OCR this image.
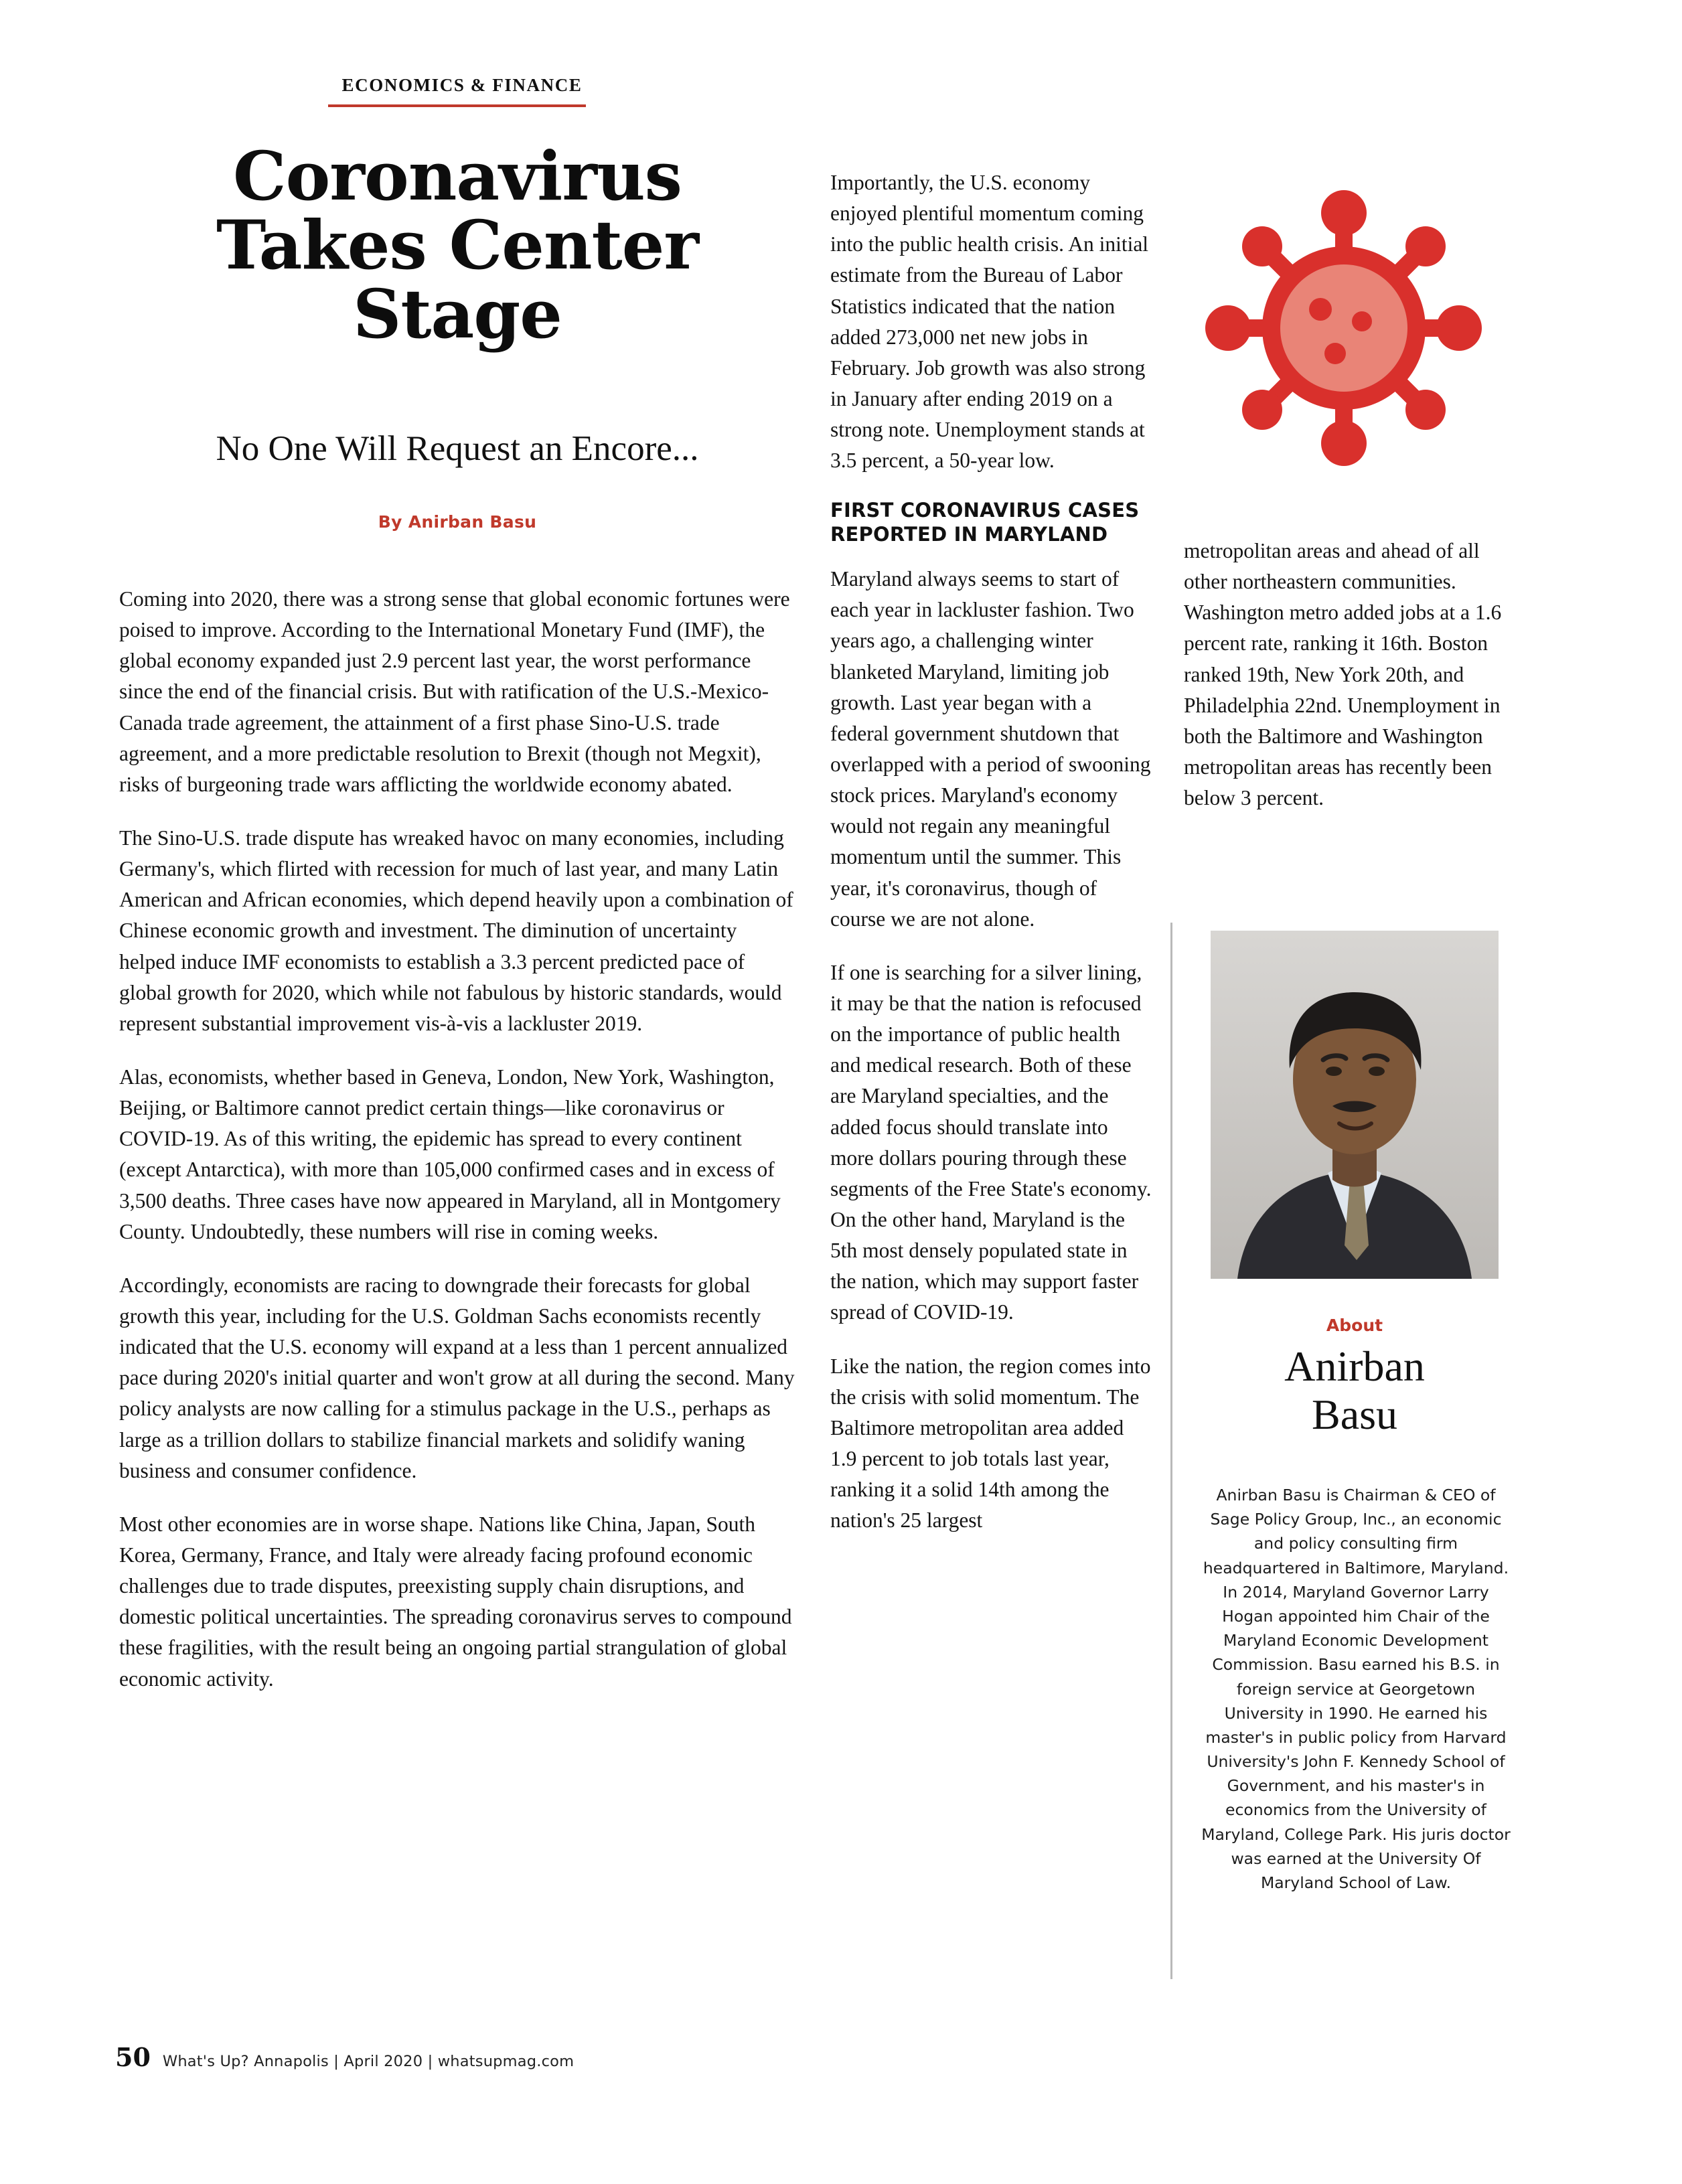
ECONOMICS & FINANCE
Coronavirus
Takes Center
Stage
No One Will Request an Encore...
By Anirban Basu

Coming into 2020, there was a strong sense that global economic fortunes were poised to improve. According to the International Monetary Fund (IMF), the global economy expanded just 2.9 percent last year, the worst performance since the end of the financial crisis. But with ratification of the U.S.-Mexico-Canada trade agreement, the attainment of a first phase Sino-U.S. trade agreement, and a more predictable resolution to Brexit (though not Megxit), risks of burgeoning trade wars afflicting the worldwide economy abated.

The Sino-U.S. trade dispute has wreaked havoc on many economies, including Germany's, which flirted with recession for much of last year, and many Latin American and African economies, which depend heavily upon a combination of Chinese economic growth and investment. The diminution of uncertainty helped induce IMF economists to establish a 3.3 percent predicted pace of global growth for 2020, which while not fabulous by historic standards, would represent substantial improvement vis-à-vis a lackluster 2019.

Alas, economists, whether based in Geneva, London, New York, Washington, Beijing, or Baltimore cannot predict certain things—like coronavirus or COVID-19. As of this writing, the epidemic has spread to every continent (except Antarctica), with more than 105,000 confirmed cases and in excess of 3,500 deaths. Three cases have now appeared in Maryland, all in Montgomery County. Undoubtedly, these numbers will rise in coming weeks.

Accordingly, economists are racing to downgrade their forecasts for global growth this year, including for the U.S. Goldman Sachs economists recently indicated that the U.S. economy will expand at a less than 1 percent annualized pace during 2020's initial quarter and won't grow at all during the second. Many policy analysts are now calling for a stimulus package in the U.S., perhaps as large as a trillion dollars to stabilize financial markets and solidify waning business and consumer confidence.

Most other economies are in worse shape. Nations like China, Japan, South Korea, Germany, France, and Italy were already facing profound economic challenges due to trade disputes, preexisting supply chain disruptions, and domestic political uncertainties. The spreading coronavirus serves to compound these fragilities, with the result being an ongoing partial strangulation of global economic activity.

Importantly, the U.S. economy enjoyed plentiful momentum coming into the public health crisis. An initial estimate from the Bureau of Labor Statistics indicated that the nation added 273,000 net new jobs in February. Job growth was also strong in January after ending 2019 on a strong note. Unemployment stands at 3.5 percent, a 50-year low.

FIRST CORONAVIRUS CASES REPORTED IN MARYLAND

Maryland always seems to start of each year in lackluster fashion. Two years ago, a challenging winter blanketed Maryland, limiting job growth. Last year began with a federal government shutdown that overlapped with a period of swooning stock prices. Maryland's economy would not regain any meaningful momentum until the summer. This year, it's coronavirus, though of course we are not alone.

If one is searching for a silver lining, it may be that the nation is refocused on the importance of public health and medical research. Both of these are Maryland specialties, and the added focus should translate into more dollars pouring through these segments of the Free State's economy. On the other hand, Maryland is the 5th most densely populated state in the nation, which may support faster spread of COVID-19.

Like the nation, the region comes into the crisis with solid momentum. The Baltimore metropolitan area added 1.9 percent to job totals last year, ranking it a solid 14th among the nation's 25 largest

metropolitan areas and ahead of all other northeastern communities. Washington metro added jobs at a 1.6 percent rate, ranking it 16th. Boston ranked 19th, New York 20th, and Philadelphia 22nd. Unemployment in both the Baltimore and Washington metropolitan areas has recently been below 3 percent.

About
Anirban
Basu
Anirban Basu is Chairman & CEO of Sage Policy Group, Inc., an economic and policy consulting firm headquartered in Baltimore, Maryland. In 2014, Maryland Governor Larry Hogan appointed him Chair of the Maryland Economic Development Commission. Basu earned his B.S. in foreign service at Georgetown University in 1990. He earned his master's in public policy from Harvard University's John F. Kennedy School of Government, and his master's in economics from the University of Maryland, College Park. His juris doctor was earned at the University Of Maryland School of Law.
50 What's Up? Annapolis | April 2020 | whatsupmag.com
